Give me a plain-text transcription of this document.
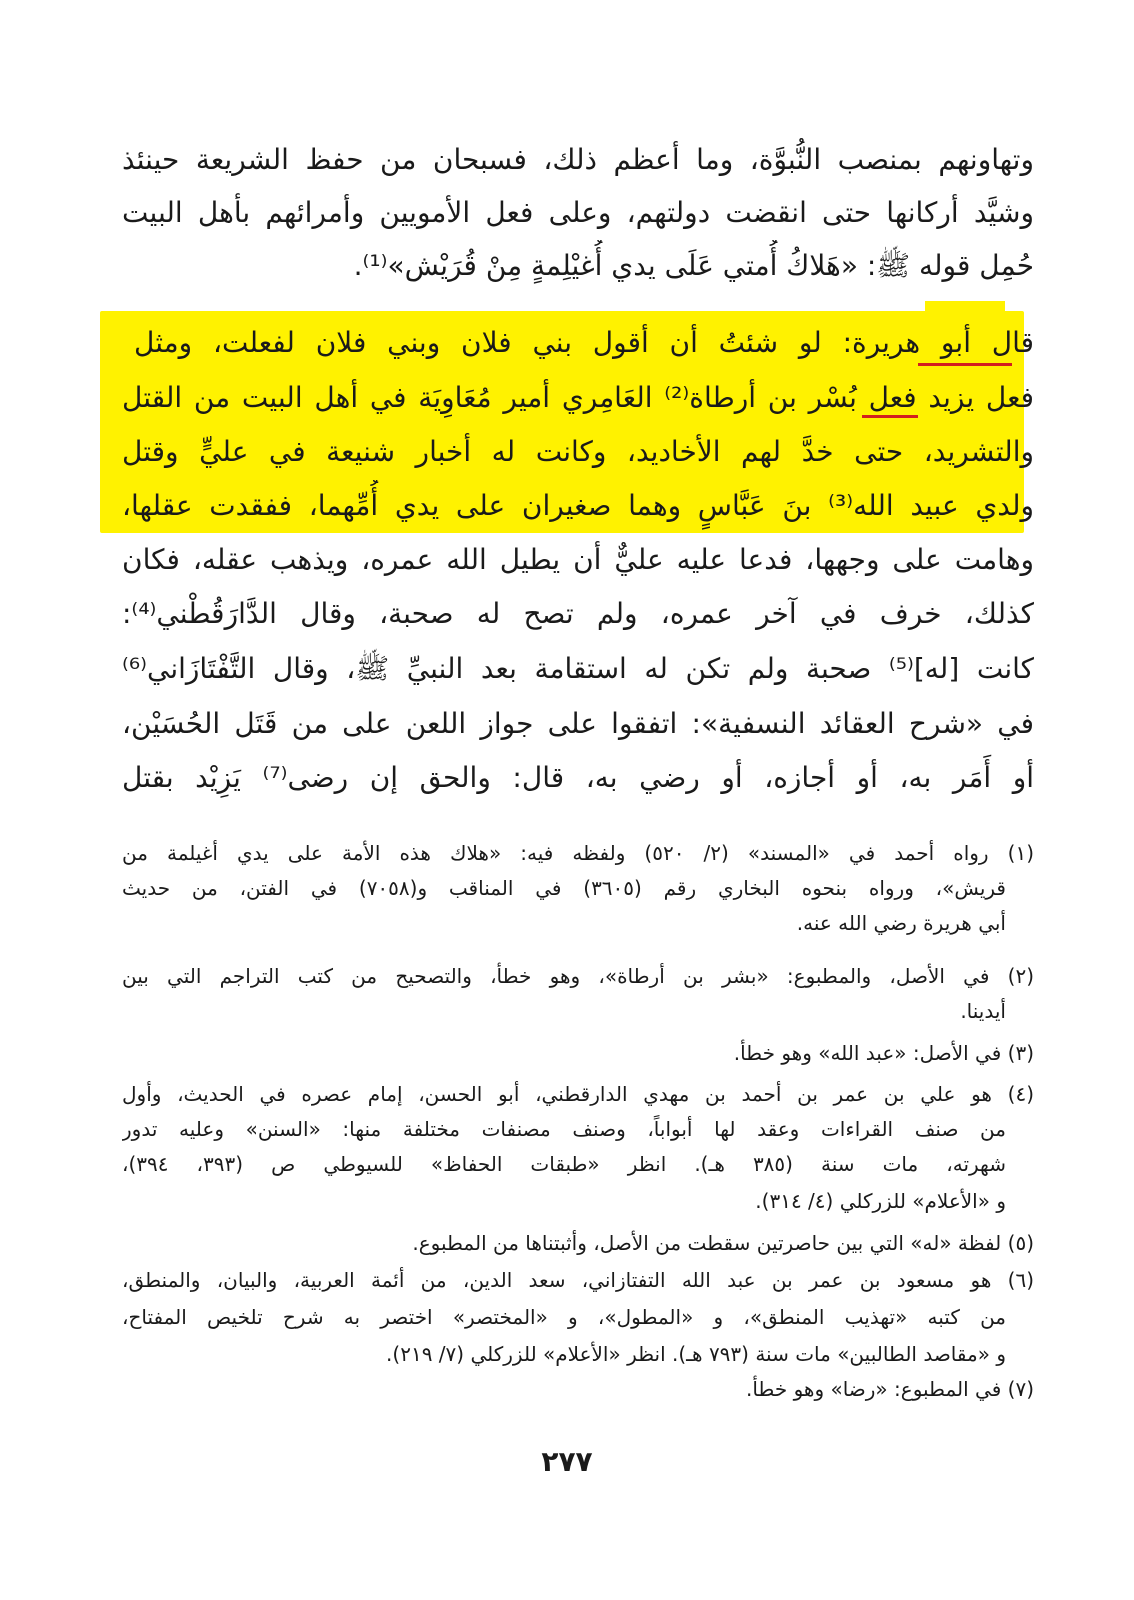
وتهاونهم بمنصب النُّبوَّة، وما أعظم ذلك، فسبحان من حفظ الشريعة حينئذ
وشيَّد أركانها حتى انقضت دولتهم، وعلى فعل الأمويين وأمرائهم بأهل البيت
حُمِل قوله ﷺ: «هَلاكُ أُمتي عَلَى يدي أُغيْلِمةٍ مِنْ قُرَيْش»⁽¹⁾.
قال أبو هريرة: لو شئتُ أن أقول بني فلان وبني فلان لفعلت، ومثل
فعل يزيد فعل بُسْر بن أرطاة⁽²⁾ العَامِري أمير مُعَاوِيَة في أهل البيت من القتل
والتشريد، حتى خدَّ لهم الأخاديد، وكانت له أخبار شنيعة في عليٍّ وقتل
ولدي عبيد الله⁽³⁾ بنَ عَبَّاسٍ وهما صغيران على يدي أُمِّهما، ففقدت عقلها،
وهامت على وجهها، فدعا عليه عليٌّ أن يطيل الله عمره، ويذهب عقله، فكان
كذلك، خرف في آخر عمره، ولم تصح له صحبة، وقال الدَّارَقُطْني⁽⁴⁾:
كانت [له]⁽⁵⁾ صحبة ولم تكن له استقامة بعد النبيِّ ﷺ، وقال التَّفْتَازَاني⁽⁶⁾
في «شرح العقائد النسفية»: اتفقوا على جواز اللعن على من قَتَل الحُسَيْن،
أو أَمَر به، أو أجازه، أو رضي به، قال: والحق إن رضى⁽⁷⁾ يَزِيْد بقتل
(١) رواه أحمد في «المسند» (٢/ ٥٢٠) ولفظه فيه: «هلاك هذه الأمة على يدي أغيلمة من
قريش»، ورواه بنحوه البخاري رقم (٣٦٠٥) في المناقب و(٧٠٥٨) في الفتن، من حديث
أبي هريرة رضي الله عنه.
(٢) في الأصل، والمطبوع: «بشر بن أرطاة»، وهو خطأ، والتصحيح من كتب التراجم التي بين
أيدينا.
(٣) في الأصل: «عبد الله» وهو خطأ.
(٤) هو علي بن عمر بن أحمد بن مهدي الدارقطني، أبو الحسن، إمام عصره في الحديث، وأول
من صنف القراءات وعقد لها أبواباً، وصنف مصنفات مختلفة منها: «السنن» وعليه تدور
شهرته، مات سنة (٣٨٥ هـ). انظر «طبقات الحفاظ» للسيوطي ص (٣٩٣، ٣٩٤)،
و «الأعلام» للزركلي (٤/ ٣١٤).
(٥) لفظة «له» التي بين حاصرتين سقطت من الأصل، وأثبتناها من المطبوع.
(٦) هو مسعود بن عمر بن عبد الله التفتازاني، سعد الدين، من أئمة العربية، والبيان، والمنطق،
من كتبه «تهذيب المنطق»، و «المطول»، و «المختصر» اختصر به شرح تلخيص المفتاح،
و «مقاصد الطالبين» مات سنة (٧٩٣ هـ). انظر «الأعلام» للزركلي (٧/ ٢١٩).
(٧) في المطبوع: «رضا» وهو خطأ.
٢٧٧
